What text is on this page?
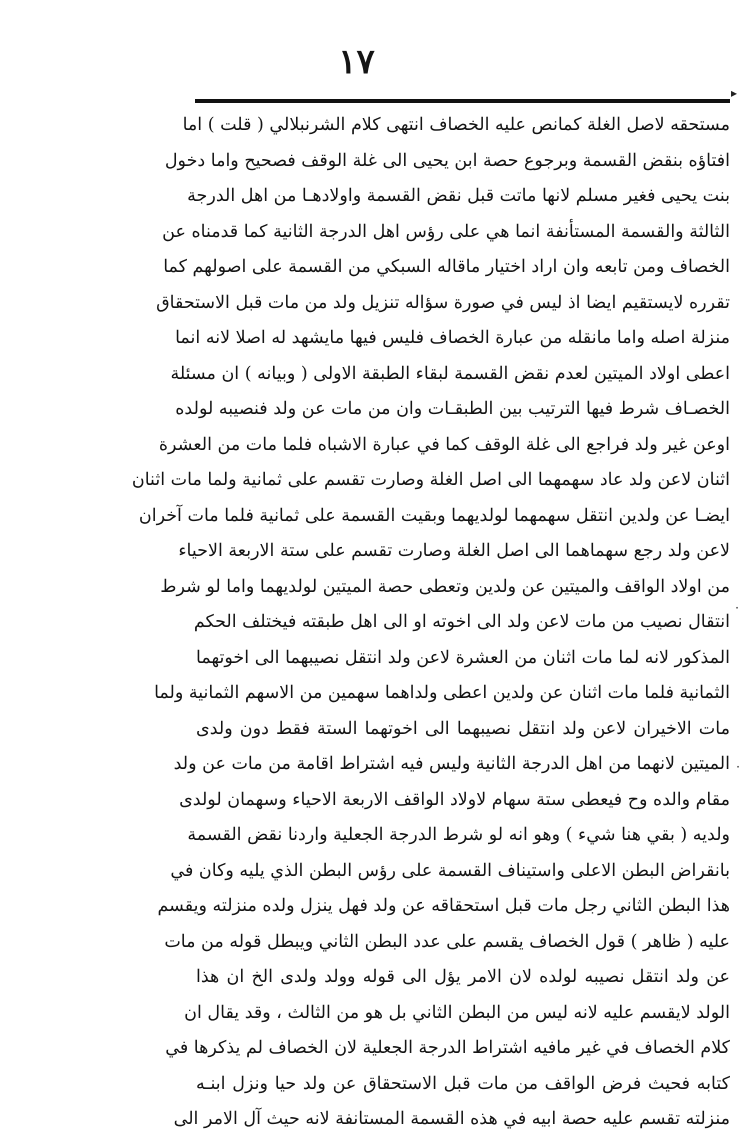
١٧
▸
·
·
مستحقه لاصل الغلة كمانص عليه الخصاف انتهى كلام الشرنبلالي ( قلت ) اما
افتاؤه بنقض القسمة وبرجوع حصة ابن يحيى الى غلة الوقف فصحيح واما دخول
بنت يحيى فغير مسلم لانها ماتت قبل نقض القسمة واولادهـا من اهل الدرجة
الثالثة والقسمة المستأنفة انما هي على رؤس اهل الدرجة الثانية كما قدمناه عن
الخصاف ومن تابعه وان اراد اختيار ماقاله السبكي من القسمة على اصولهم كما
تقرره لايستقيم ايضا اذ ليس في صورة سؤاله تنزيل ولد من مات قبل الاستحقاق
منزلة اصله واما مانقله من عبارة الخصاف فليس فيها مايشهد له اصلا لانه انما
اعطى اولاد الميتين لعدم نقض القسمة لبقاء الطبقة الاولى ( وبيانه ) ان مسئلة
الخصـاف شرط فيها الترتيب بين الطبقـات وان من مات عن ولد فنصيبه لولده
اوعن غير ولد فراجع الى غلة الوقف كما في عبارة الاشباه فلما مات من العشرة
اثنان لاعن ولد عاد سهمهما الى اصل الغلة وصارت تقسم على ثمانية ولما مات اثنان
ايضـا عن ولدين انتقل سهمهما لولديهما وبقيت القسمة على ثمانية فلما مات آخران
لاعن ولد رجع سهماهما الى اصل الغلة وصارت تقسم على ستة الاربعة الاحياء
من اولاد الواقف والميتين عن ولدين وتعطى حصة الميتين لولديهما واما لو شرط
انتقال نصيب من مات لاعن ولد الى اخوته او الى اهل طبقته فيختلف الحكم
المذكور لانه لما مات اثنان من العشرة لاعن ولد انتقل نصيبهما الى اخوتهما
الثمانية فلما مات اثنان عن ولدين اعطى ولداهما سهمين من الاسهم الثمانية ولما
مات الاخيران لاعن ولد انتقل نصيبهما الى اخوتهما الستة فقط دون ولدى
الميتين لانهما من اهل الدرجة الثانية وليس فيه اشتراط اقامة من مات عن ولد
مقام والده وح فيعطى ستة سهام لاولاد الواقف الاربعة الاحياء وسهمان لولدى
ولديه ( بقي هنا شيء ) وهو انه لو شرط الدرجة الجعلية واردنا نقض القسمة
بانقراض البطن الاعلى واستيناف القسمة على رؤس البطن الذي يليه وكان في
هذا البطن الثاني رجل مات قبل استحقاقه عن ولد فهل ينزل ولده منزلته ويقسم
عليه ( ظاهر ) قول الخصاف يقسم على عدد البطن الثاني ويبطل قوله من مات
عن ولد انتقل نصيبه لولده لان الامر يؤل الى قوله وولد ولدى الخ ان هذا
الولد لايقسم عليه لانه ليس من البطن الثاني بل هو من الثالث ، وقد يقال ان
كلام الخصاف في غير مافيه اشتراط الدرجة الجعلية لان الخصاف لم يذكرها في
كتابه فحيث فرض الواقف من مات قبل الاستحقاق عن ولد حيا ونزل ابنـه
منزلته تقسم عليه حصة ابيه في هذه القسمة المستانفة لانه حيث آل الامر الى
